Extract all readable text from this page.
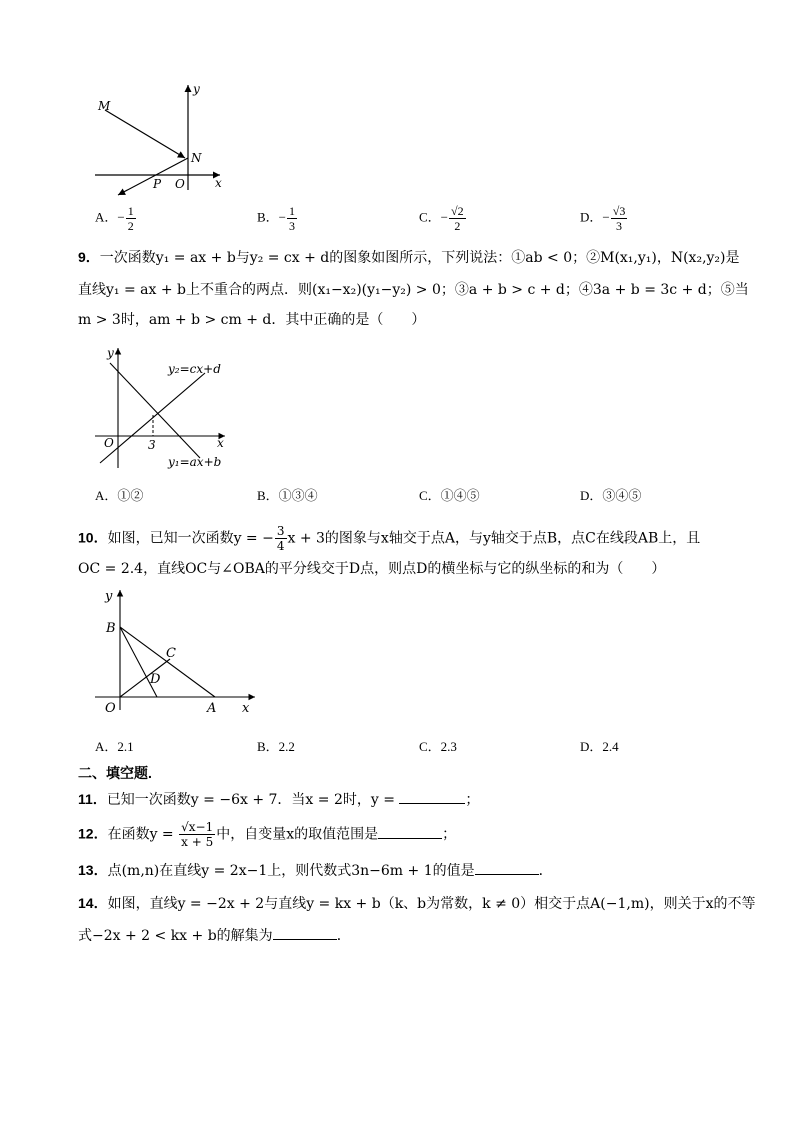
y
M
N
P O	x
A．− $\frac{1}{2}$	B．− $\frac{1}{3}$	C．− $\frac{√2}{2}$	D．− $\frac{√3}{3}$
9．一次函数y₁ = ax + b与y₂ = cx + d的图象如图所示，下列说法：①ab < 0；②M(x₁,y₁)，N(x₂,y₂)是
直线y₁ = ax + b上不重合的两点．则(x₁−x₂)(y₁−y₂) > 0；③a + b > c + d；④3a + b = 3c + d；⑤当
m > 3时，am + b > cm + d．其中正确的是（　　）
y
y₂=cx+d
O	3	x
y₁=ax+b
A．①②	B．①③④	C．①④⑤	D．③④⑤
10．如图，已知一次函数y = − $\frac{3}{4}$ x + 3的图象与x轴交于点A，与y轴交于点B，点C在线段AB上，且
OC = 2.4，直线OC与∠OBA的平分线交于D点，则点D的横坐标与它的纵坐标的和为（　　）
y
B
C
D
O	A x
A．2.1	B．2.2	C．2.3	D．2.4
二、填空题.
11．已知一次函数y = −6x + 7．当x = 2时，y =	；
12．在函数$y = \frac{√x-1}{x + 5}$ 中，自变量x的取值范围是	；
13．点(m,n)在直线y = 2x−1上，则代数式3n−6m + 1的值是	．
14．如图，直线y = −2x + 2与直线y = kx + b（k、b为常数，k ≠ 0）相交于点A(−1,m)，则关于x的不等
式−2x + 2 < kx + b的解集为	．
